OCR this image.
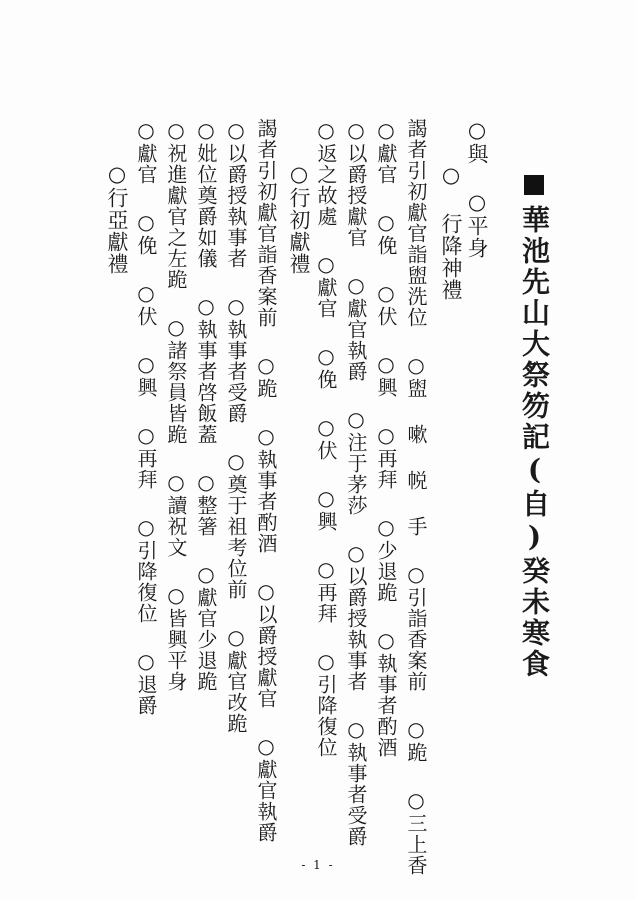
華池先山大祭笏記(自)癸未寒食
○與 ○平身
○ 行降神禮
謁者引初獻官詣盥洗位 ○盥 嗽 帨 手 ○引詣香案前 ○跪 ○三上香
○獻官 ○俛 ○伏 ○興 ○再拜 ○少退跪 ○執事者酌酒
○以爵授獻官 ○獻官執爵 ○注于茅莎 ○以爵授執事者 ○執事者受爵
○返之故處 ○獻官 ○俛 ○伏 ○興 ○再拜 ○引降復位
○行初獻禮
謁者引初獻官詣香案前 ○跪 ○執事者酌酒 ○以爵授獻官 ○獻官執爵
○以爵授執事者 ○執事者受爵 ○奠于祖考位前 ○獻官改跪
○妣位奠爵如儀 ○執事者啓飯蓋 ○整箸 ○獻官少退跪
○祝進獻官之左跪 ○諸祭員皆跪 ○讀祝文 ○皆興平身
○獻官 ○俛 ○伏 ○興 ○再拜 ○引降復位 ○退爵
○行亞獻禮
- 1 -
